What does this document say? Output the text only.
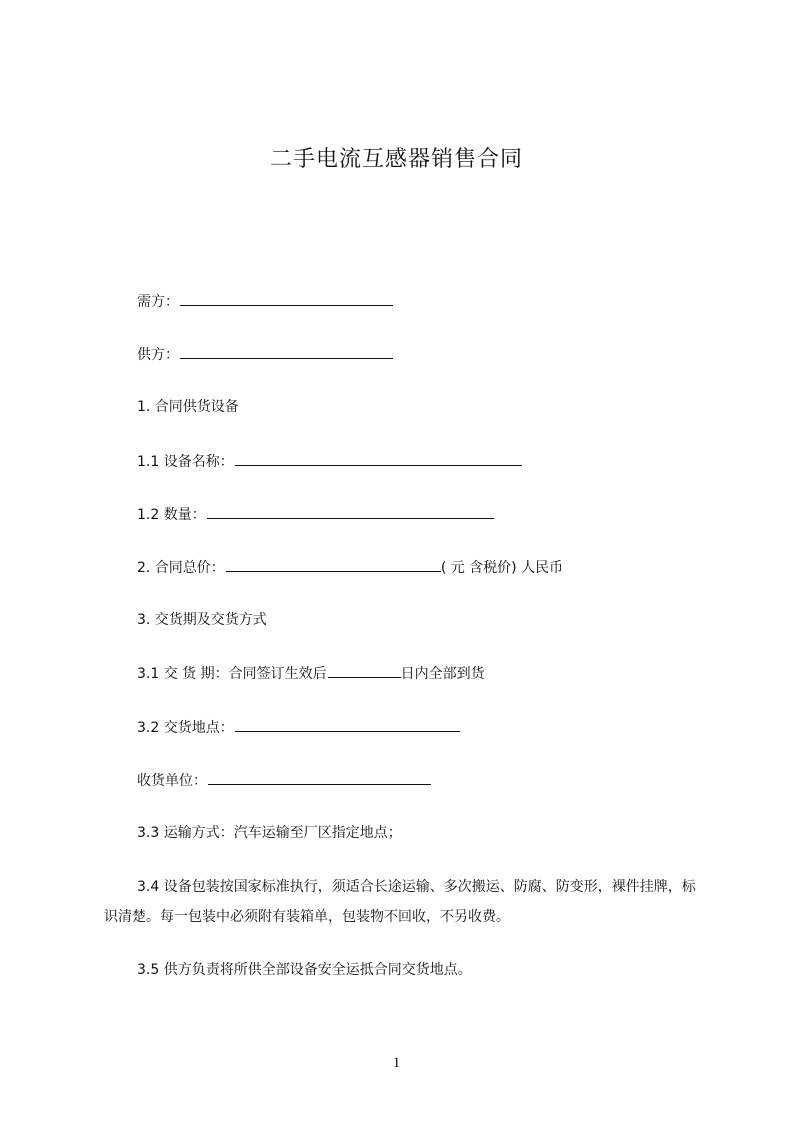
二手电流互感器销售合同
需方：
供方：
1. 合同供货设备
1.1 设备名称：
1.2 数量：
2. 合同总价：	( 元 含税价) 人民币
3. 交货期及交货方式
3.1 交 货 期：合同签订生效后	日内全部到货
3.2 交货地点：
收货单位：
3.3 运输方式：汽车运输至厂区指定地点；
3.4 设备包装按国家标准执行，须适合长途运输、多次搬运、防腐、防变形，裸件挂牌，标识清楚。每一包装中必须附有装箱单，包装物不回收，不另收费。
3.5 供方负责将所供全部设备安全运抵合同交货地点。
1
